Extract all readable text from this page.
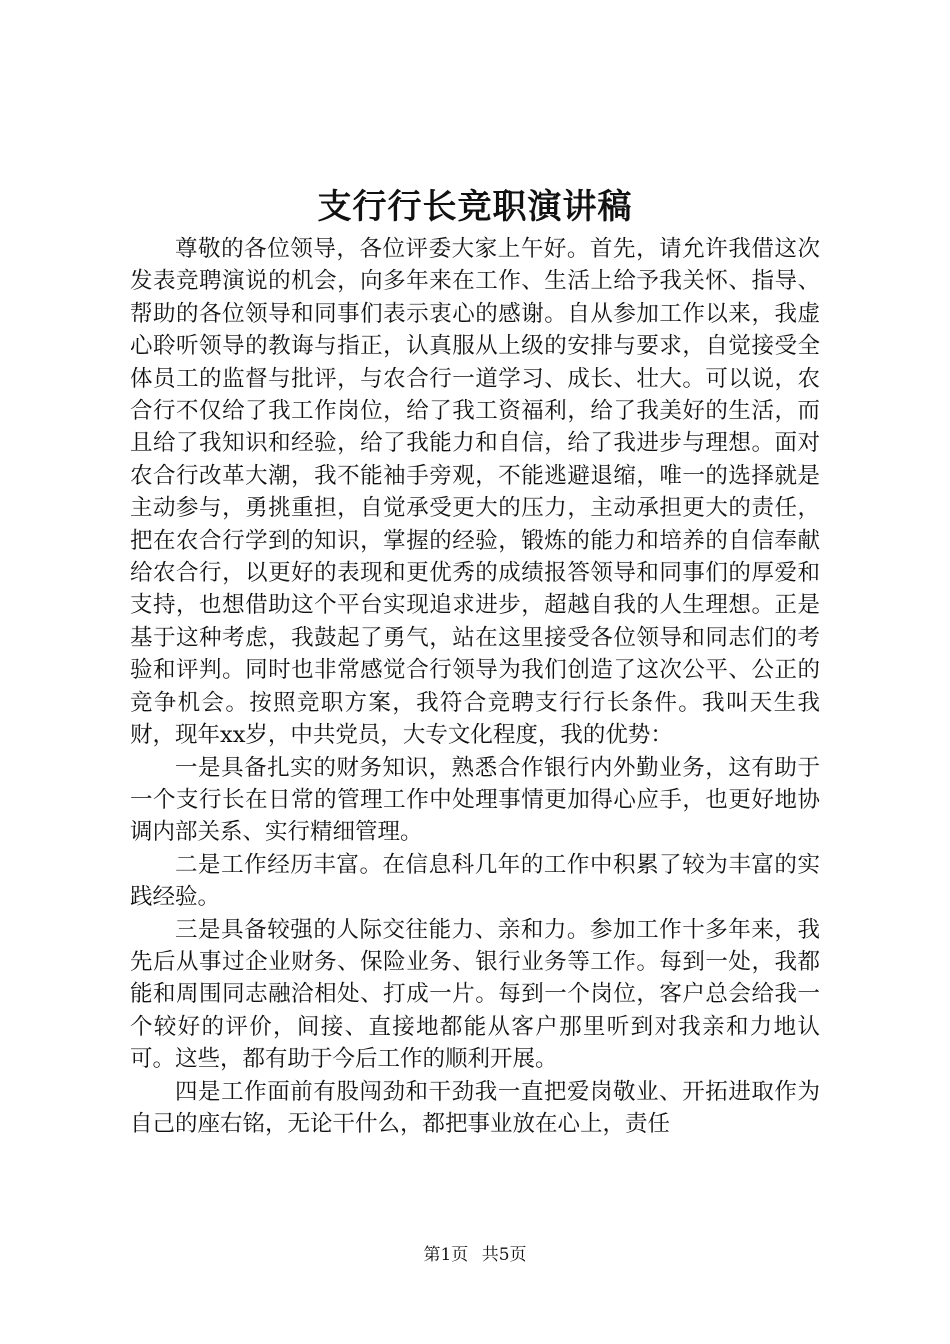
支行行长竞职演讲稿

尊敬的各位领导，各位评委大家上午好。首先，请允许我借这次发表竞聘演说的机会，向多年来在工作、生活上给予我关怀、指导、帮助的各位领导和同事们表示衷心的感谢。自从参加工作以来，我虚心聆听领导的教诲与指正，认真服从上级的安排与要求，自觉接受全体员工的监督与批评，与农合行一道学习、成长、壮大。可以说，农合行不仅给了我工作岗位，给了我工资福利，给了我美好的生活，而且给了我知识和经验，给了我能力和自信，给了我进步与理想。面对农合行改革大潮，我不能袖手旁观，不能逃避退缩，唯一的选择就是主动参与，勇挑重担，自觉承受更大的压力，主动承担更大的责任，把在农合行学到的知识，掌握的经验，锻炼的能力和培养的自信奉献给农合行，以更好的表现和更优秀的成绩报答领导和同事们的厚爱和支持，也想借助这个平台实现追求进步，超越自我的人生理想。正是基于这种考虑，我鼓起了勇气，站在这里接受各位领导和同志们的考验和评判。同时也非常感觉合行领导为我们创造了这次公平、公正的竞争机会。按照竞职方案，我符合竞聘支行行长条件。我叫天生我财，现年xx岁，中共党员，大专文化程度，我的优势：

一是具备扎实的财务知识，熟悉合作银行内外勤业务，这有助于一个支行长在日常的管理工作中处理事情更加得心应手，也更好地协调内部关系、实行精细管理。

二是工作经历丰富。在信息科几年的工作中积累了较为丰富的实践经验。

三是具备较强的人际交往能力、亲和力。参加工作十多年来，我先后从事过企业财务、保险业务、银行业务等工作。每到一处，我都能和周围同志融洽相处、打成一片。每到一个岗位，客户总会给我一个较好的评价，间接、直接地都能从客户那里听到对我亲和力地认可。这些，都有助于今后工作的顺利开展。

四是工作面前有股闯劲和干劲我一直把爱岗敬业、开拓进取作为自己的座右铭，无论干什么，都把事业放在心上，责任

第1页 共5页
